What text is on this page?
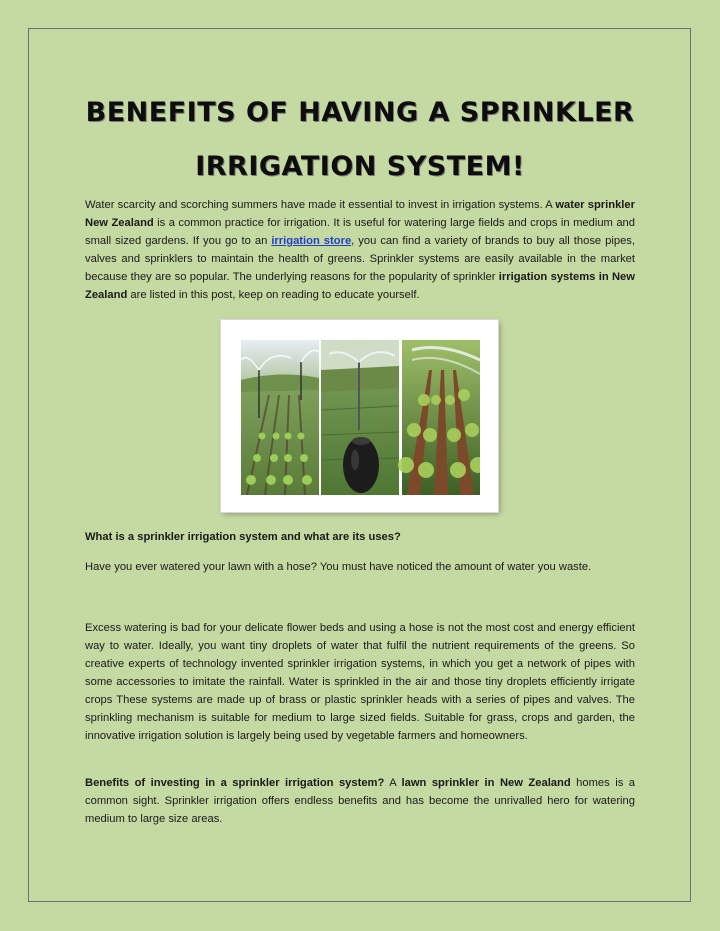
BENEFITS OF HAVING A SPRINKLER
IRRIGATION SYSTEM!

Water scarcity and scorching summers have made it essential to invest in irrigation systems. A water sprinkler New Zealand is a common practice for irrigation. It is useful for watering large fields and crops in medium and small sized gardens. If you go to an irrigation store, you can find a variety of brands to buy all those pipes, valves and sprinklers to maintain the health of greens. Sprinkler systems are easily available in the market because they are so popular. The underlying reasons for the popularity of sprinkler irrigation systems in New Zealand are listed in this post, keep on reading to educate yourself.

What is a sprinkler irrigation system and what are its uses?

Have you ever watered your lawn with a hose? You must have noticed the amount of water you waste.

Excess watering is bad for your delicate flower beds and using a hose is not the most cost and energy efficient way to water. Ideally, you want tiny droplets of water that fulfil the nutrient requirements of the greens. So creative experts of technology invented sprinkler irrigation systems, in which you get a network of pipes with some accessories to imitate the rainfall. Water is sprinkled in the air and those tiny droplets efficiently irrigate crops These systems are made up of brass or plastic sprinkler heads with a series of pipes and valves. The sprinkling mechanism is suitable for medium to large sized fields. Suitable for grass, crops and garden, the innovative irrigation solution is largely being used by vegetable farmers and homeowners.

Benefits of investing in a sprinkler irrigation system? A lawn sprinkler in New Zealand homes is a common sight. Sprinkler irrigation offers endless benefits and has become the unrivalled hero for watering medium to large size areas.
